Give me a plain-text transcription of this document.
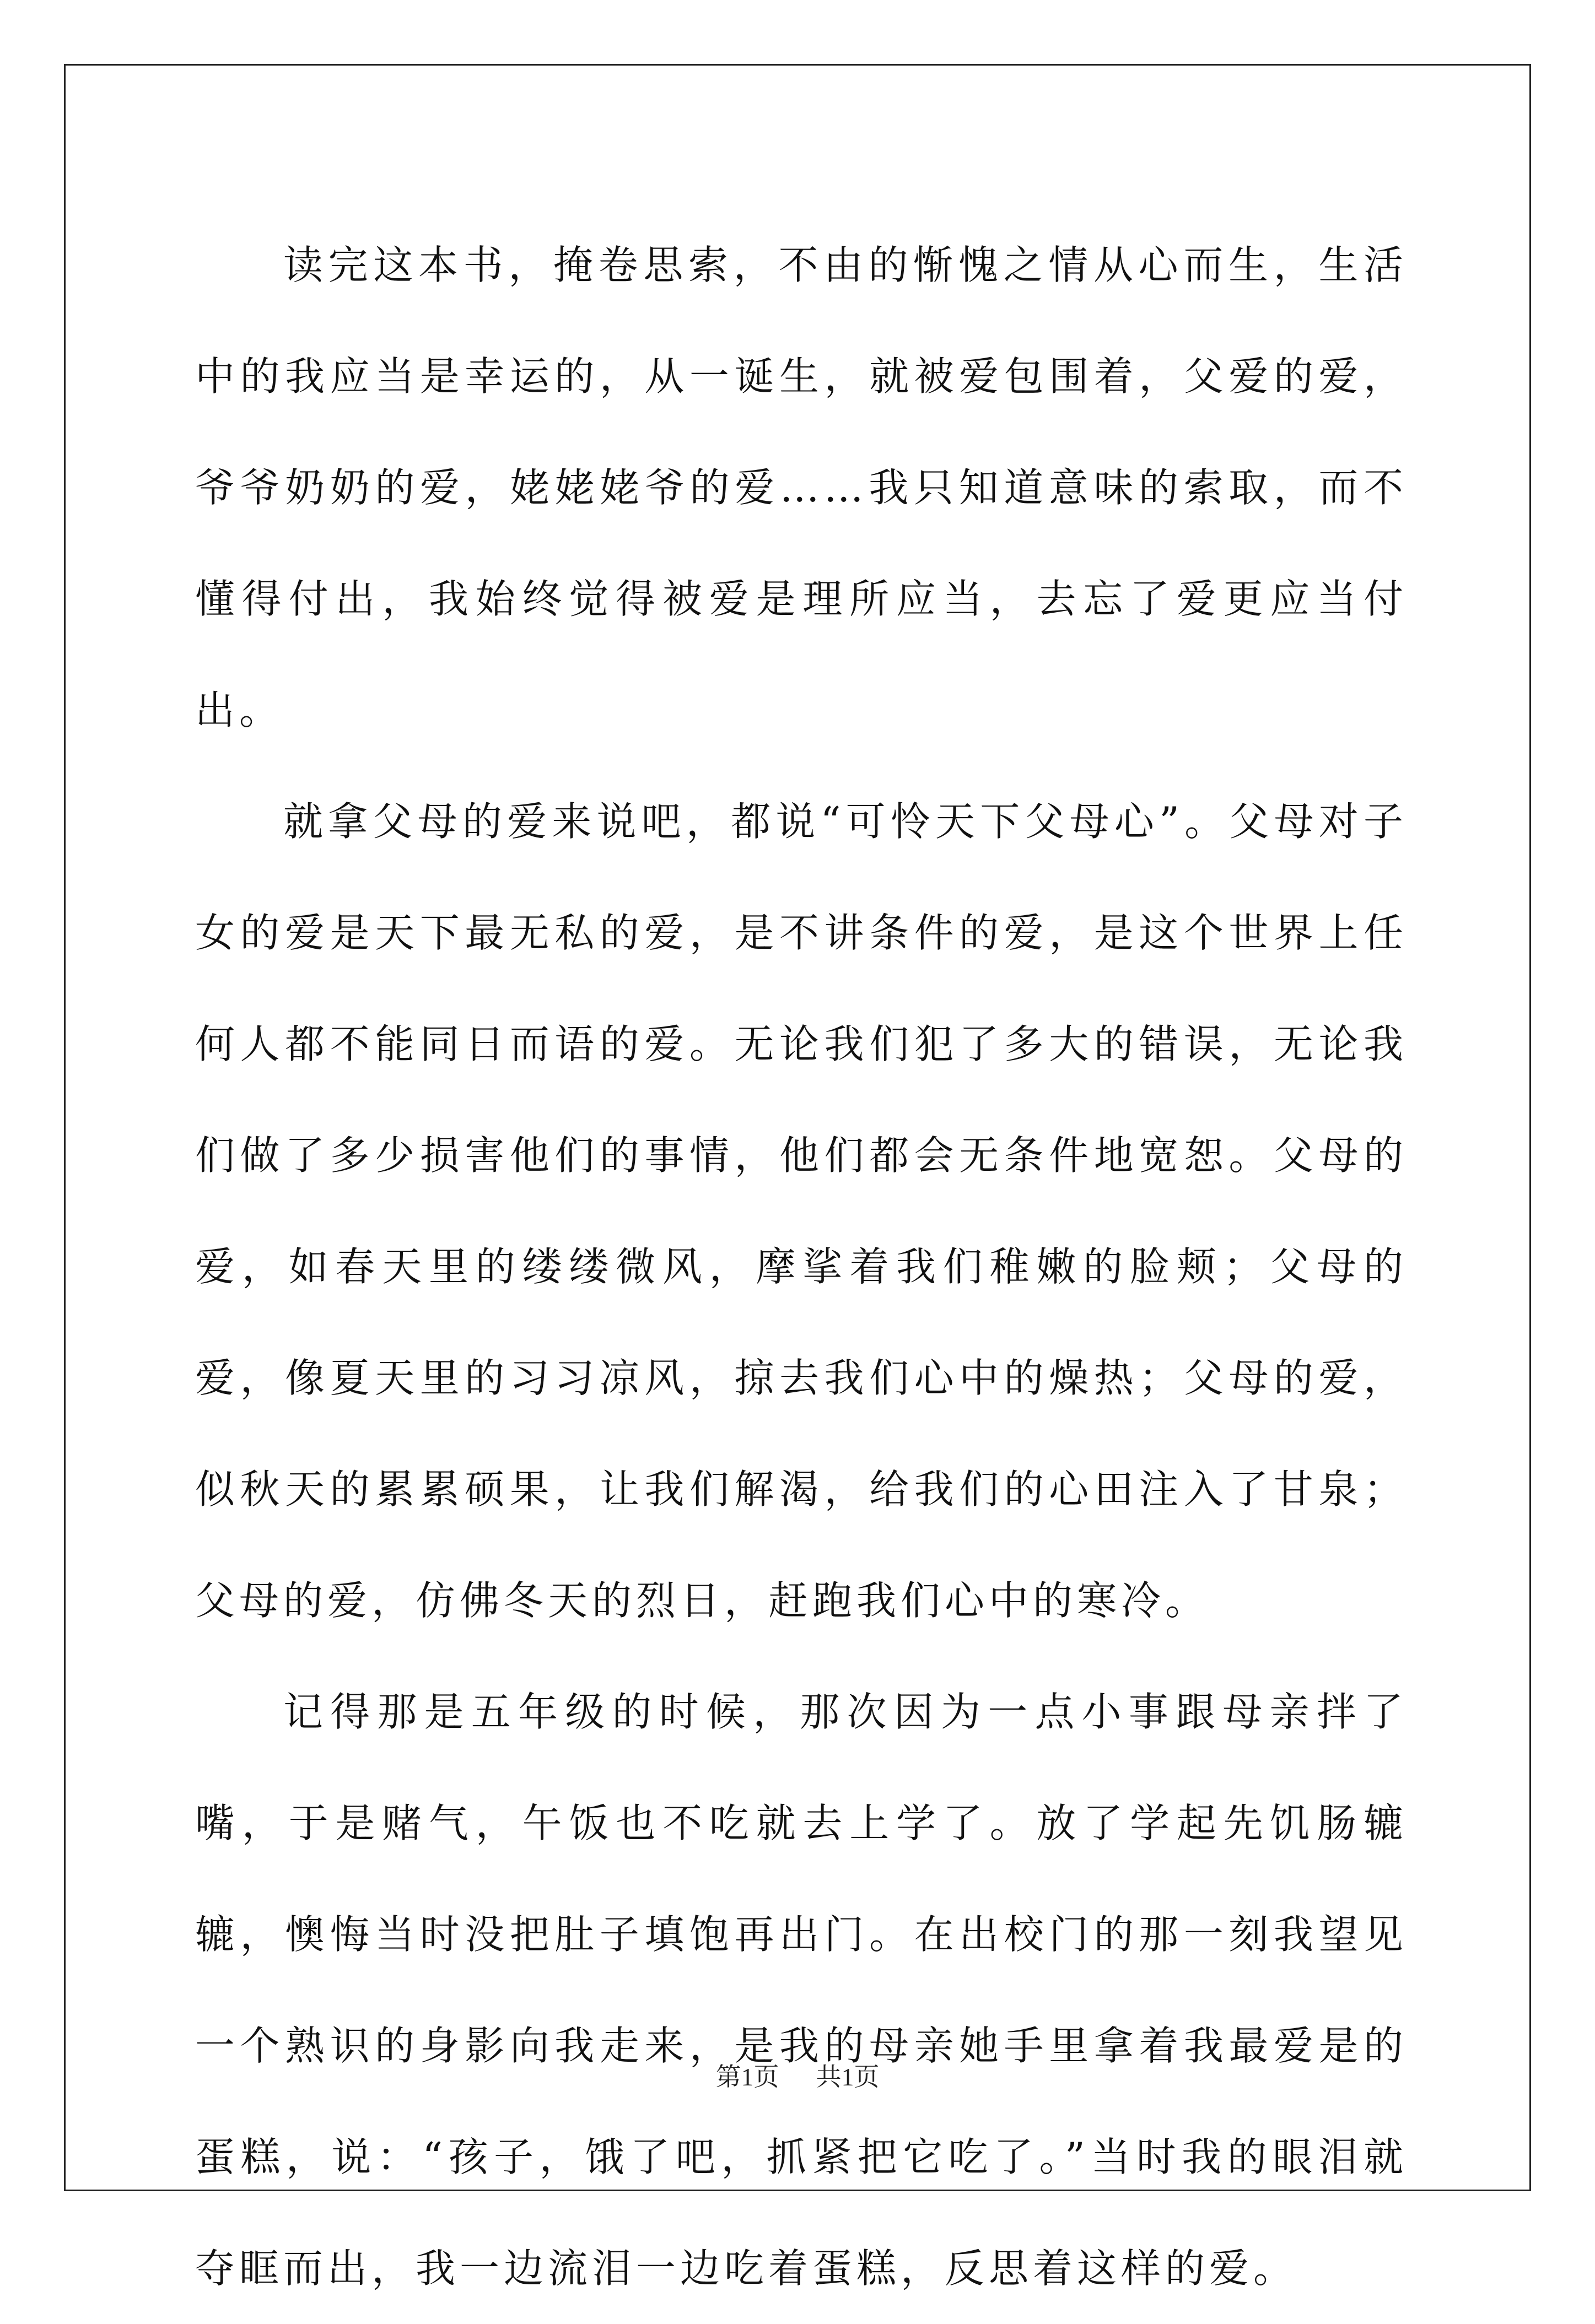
读完这本书，掩卷思索，不由的惭愧之情从心而生，生活中的我应当是幸运的，从一诞生，就被爱包围着，父爱的爱，爷爷奶奶的爱，姥姥姥爷的爱……我只知道意味的索取，而不懂得付出，我始终觉得被爱是理所应当，去忘了爱更应当付出。

就拿父母的爱来说吧，都说“可怜天下父母心”。父母对子女的爱是天下最无私的爱，是不讲条件的爱，是这个世界上任何人都不能同日而语的爱。无论我们犯了多大的错误，无论我们做了多少损害他们的事情，他们都会无条件地宽恕。父母的爱，如春天里的缕缕微风，摩挲着我们稚嫩的脸颊；父母的爱，像夏天里的习习凉风，掠去我们心中的燥热；父母的爱，似秋天的累累硕果，让我们解渴，给我们的心田注入了甘泉；父母的爱，仿佛冬天的烈日，赶跑我们心中的寒冷。

记得那是五年级的时候，那次因为一点小事跟母亲拌了嘴，于是赌气，午饭也不吃就去上学了。放了学起先饥肠辘辘，懊悔当时没把肚子填饱再出门。在出校门的那一刻我望见一个熟识的身影向我走来，是我的母亲她手里拿着我最爱是的蛋糕，说：“孩子，饿了吧，抓紧把它吃了。”当时我的眼泪就夺眶而出，我一边流泪一边吃着蛋糕，反思着这样的爱。

第1页 共1页
